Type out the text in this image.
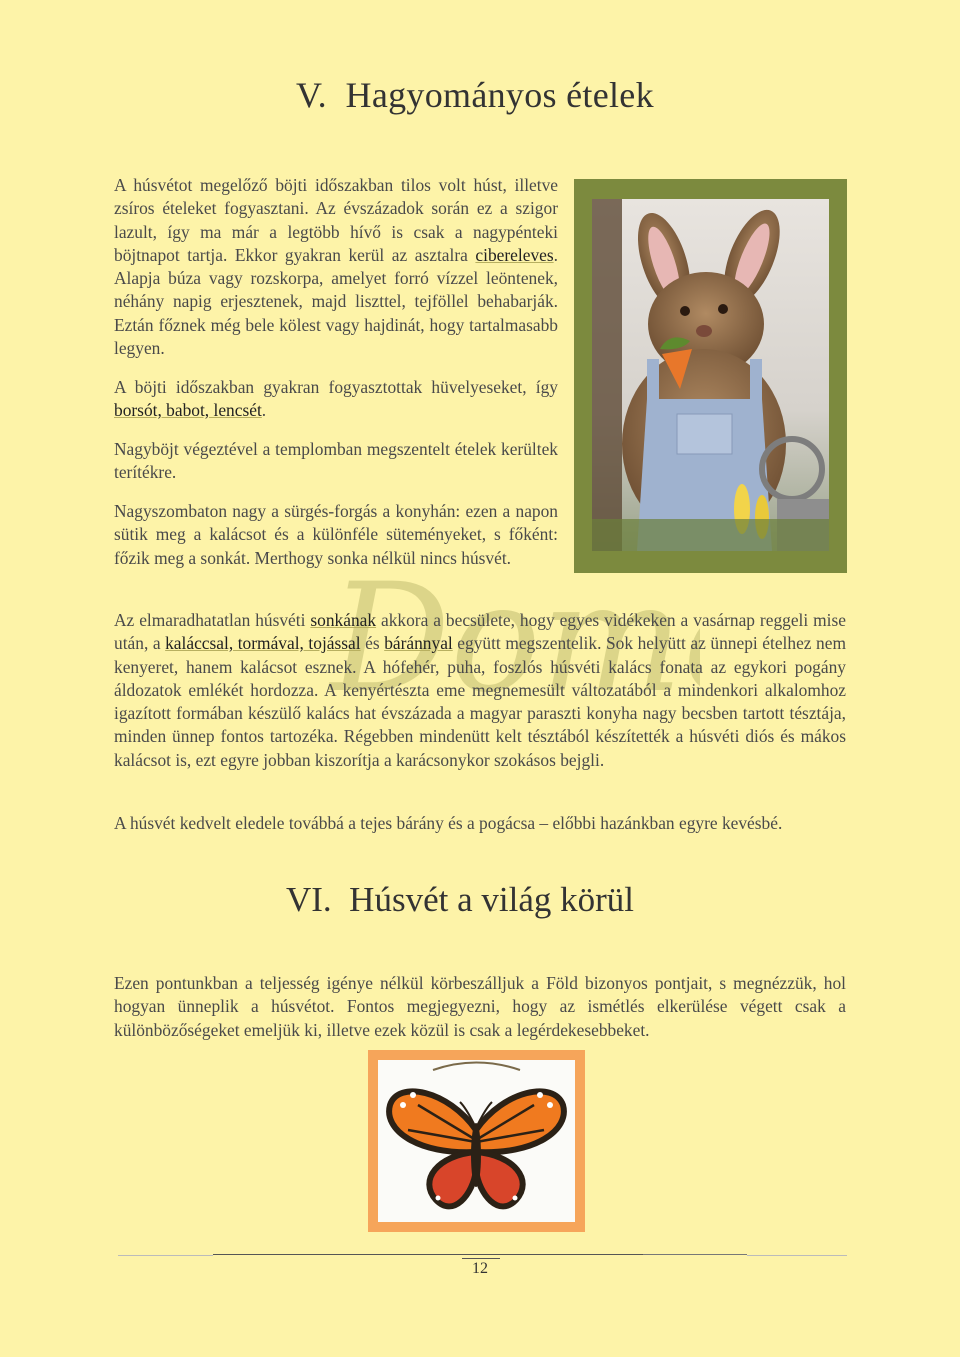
V.  Hagyományos ételek

A húsvétot megelőző böjti időszakban tilos volt húst, illetve zsíros ételeket fogyasztani. Az évszázadok során ez a szigor lazult, így ma már a legtöbb hívő is csak a nagypénteki böjtnapot tartja. Ekkor gyakran kerül az asztalra cibereleves. Alapja búza vagy rozskorpa, amelyet forró vízzel leöntenek, néhány napig erjesztenek, majd liszttel, tejföllel behabarják. Eztán főznek még bele kölest vagy hajdinát, hogy tartalmasabb legyen.

A böjti időszakban gyakran fogyasztottak hüvelyeseket, így borsót, babot, lencsét.

Nagyböjt végeztével a templomban megszentelt ételek kerültek terítékre.

Nagyszombaton nagy a sürgés-forgás a konyhán: ezen a napon sütik meg a kalácsot és a különféle süteményeket, s főként: főzik meg a sonkát. Merthogy sonka nélkül nincs húsvét.

Dom

Az elmaradhatatlan húsvéti sonkának akkora a becsülete, hogy egyes vidékeken a vasárnap reggeli mise után, a kaláccsal, tormával, tojással és báránnyal együtt megszentelik. Sok helyütt az ünnepi ételhez nem kenyeret, hanem kalácsot esznek. A hófehér, puha, foszlós húsvéti kalács fonata az egykori pogány áldozatok emlékét hordozza. A kenyértészta eme megnemesült változatából a mindenkori alkalomhoz igazított formában készülő kalács hat évszázada a magyar paraszti konyha nagy becsben tartott tésztája, minden ünnep fontos tartozéka. Régebben mindenütt kelt tésztából készítették a húsvéti diós és mákos kalácsot is, ezt egyre jobban kiszorítja a karácsonykor szokásos bejgli.

A húsvét kedvelt eledele továbbá a tejes bárány és a pogácsa – előbbi hazánkban egyre kevésbé.

VI.  Húsvét a világ körül

Ezen pontunkban a teljesség igénye nélkül körbeszálljuk a Föld bizonyos pontjait, s megnézzük, hol hogyan ünneplik a húsvétot. Fontos megjegyezni, hogy az ismétlés elkerülése végett csak a különbözőségeket emeljük ki, illetve ezek közül is csak a legérdekesebbeket.

12
